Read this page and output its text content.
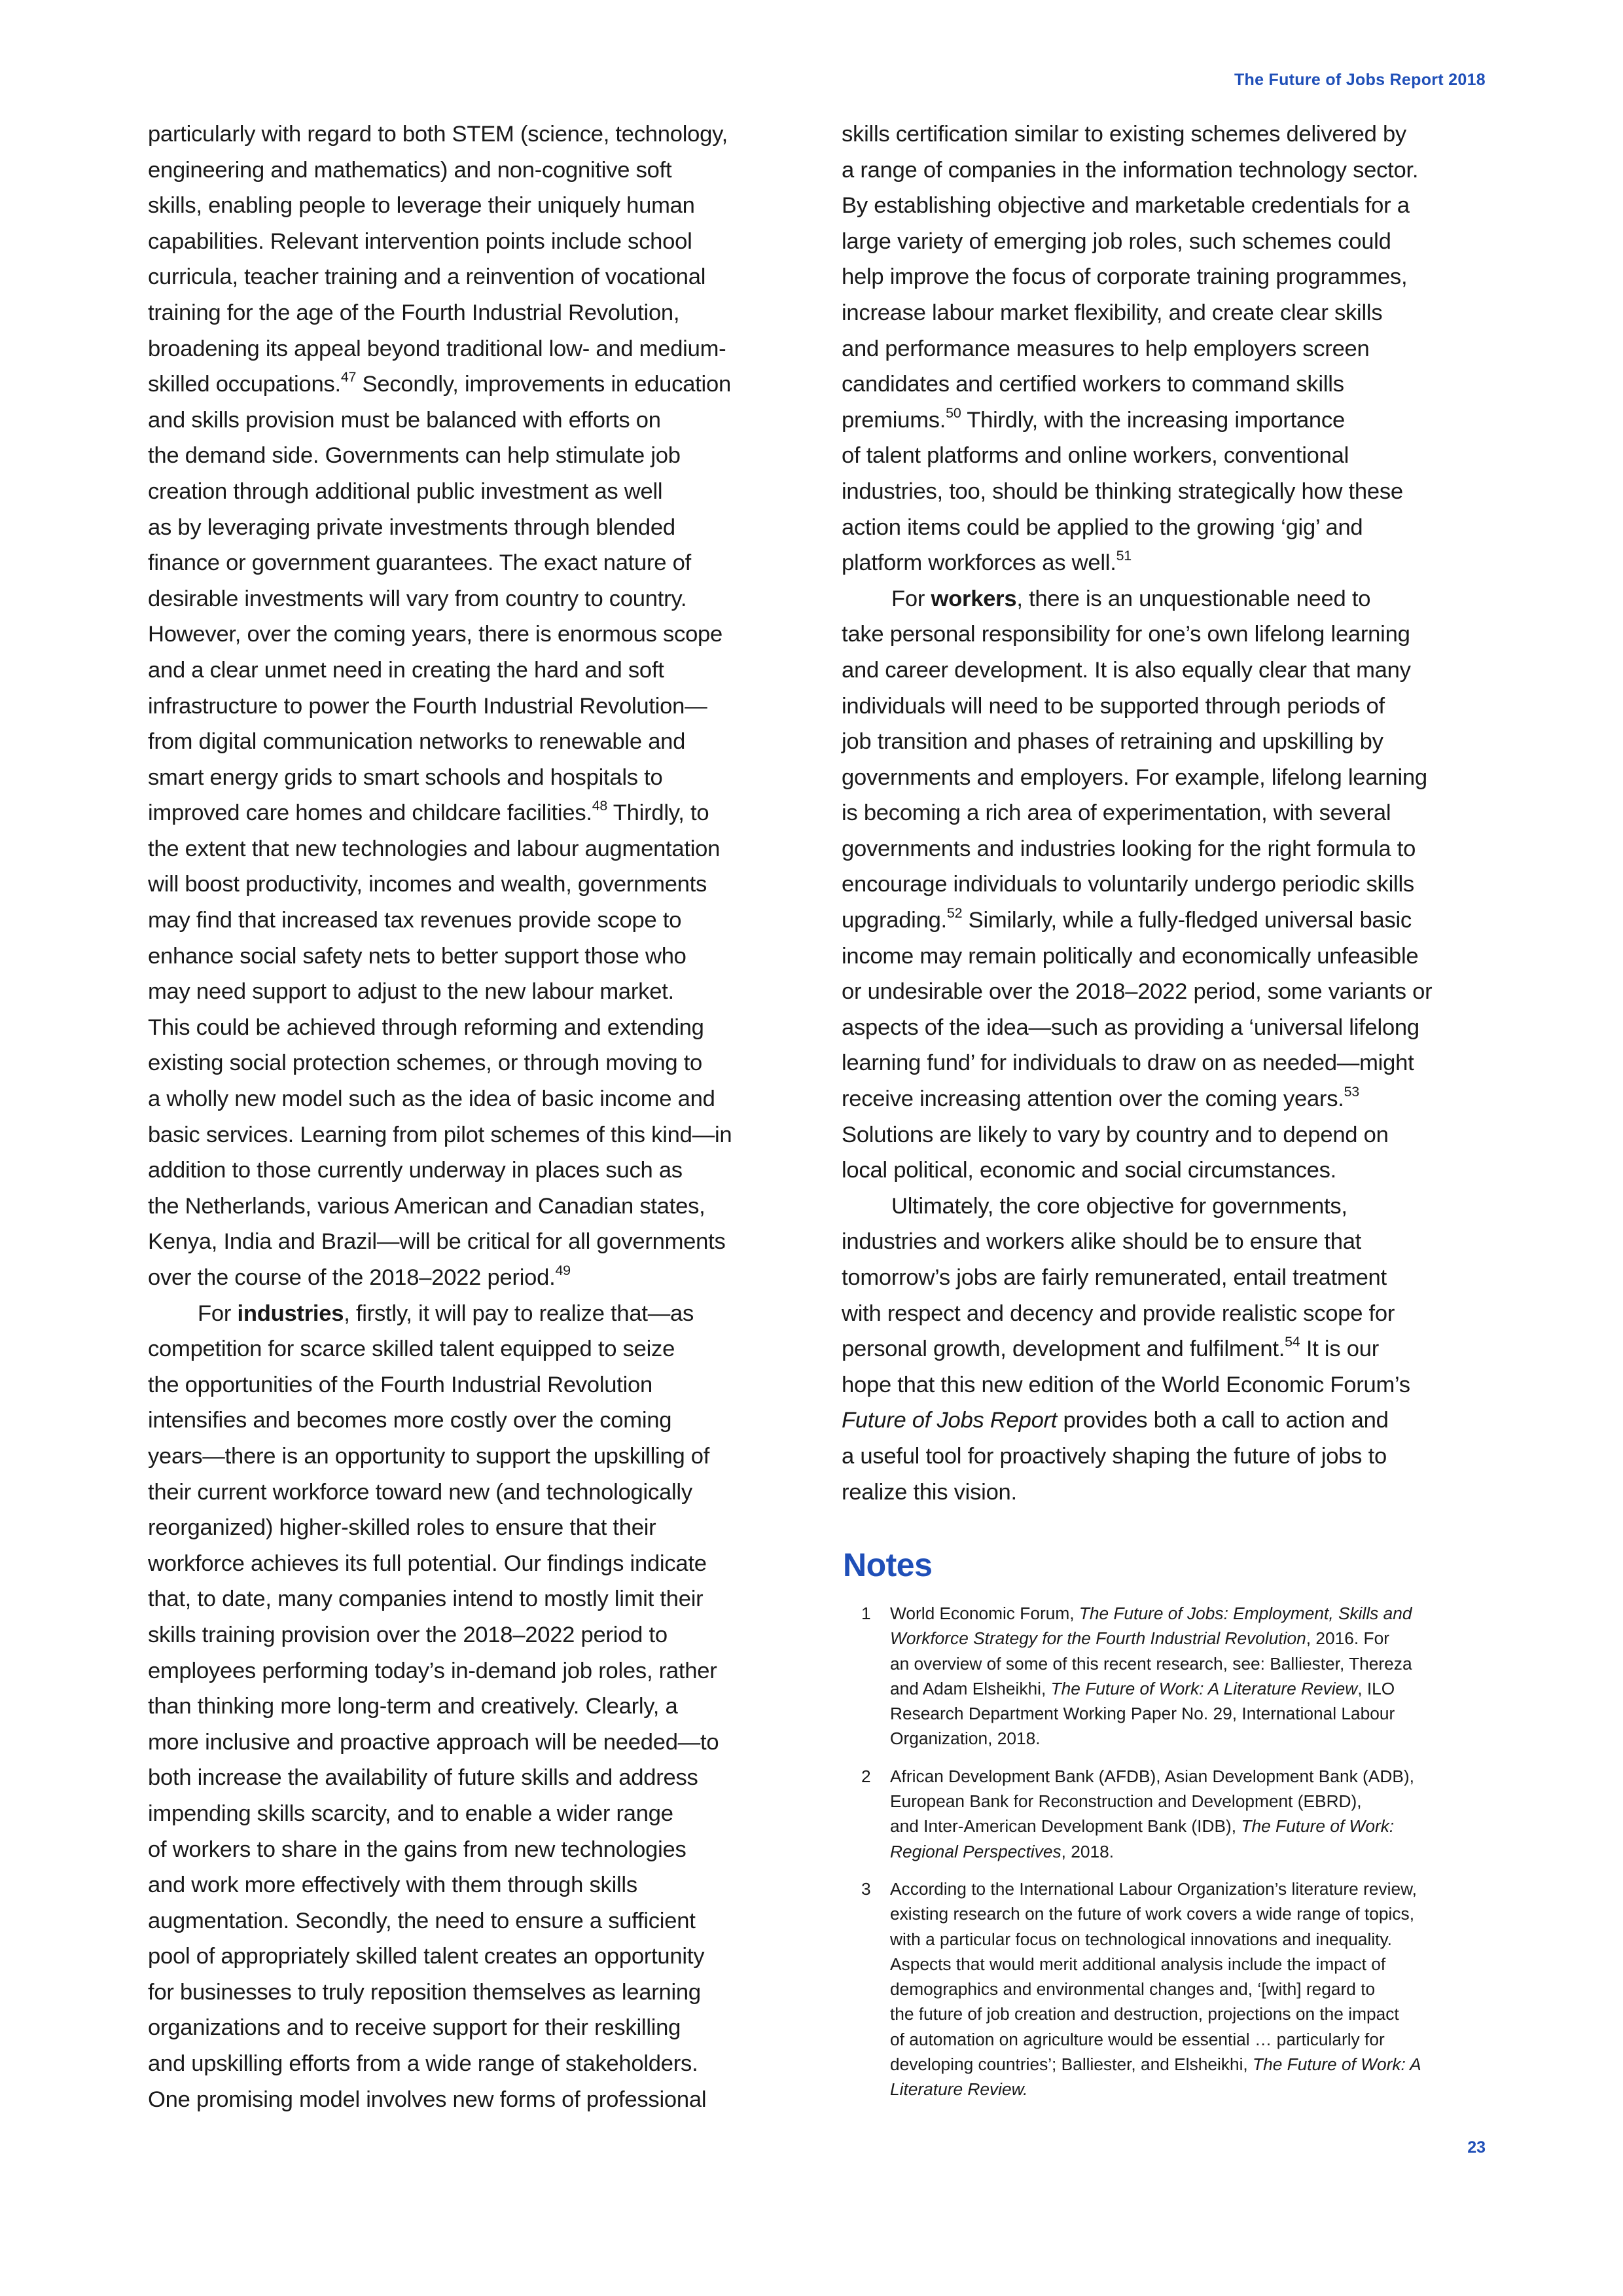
The Future of Jobs Report 2018

particularly with regard to both STEM (science, technology,

engineering and mathematics) and non-cognitive soft

skills, enabling people to leverage their uniquely human

capabilities. Relevant intervention points include school

curricula, teacher training and a reinvention of vocational

training for the age of the Fourth Industrial Revolution,

broadening its appeal beyond traditional low- and medium-

skilled occupations.$^{47}$ Secondly, improvements in education

and skills provision must be balanced with efforts on

the demand side. Governments can help stimulate job

creation through additional public investment as well

as by leveraging private investments through blended

finance or government guarantees. The exact nature of

desirable investments will vary from country to country.

However, over the coming years, there is enormous scope

and a clear unmet need in creating the hard and soft

infrastructure to power the Fourth Industrial Revolution—

from digital communication networks to renewable and

smart energy grids to smart schools and hospitals to

improved care homes and childcare facilities.$^{48}$ Thirdly, to

the extent that new technologies and labour augmentation

will boost productivity, incomes and wealth, governments

may find that increased tax revenues provide scope to

enhance social safety nets to better support those who

may need support to adjust to the new labour market.

This could be achieved through reforming and extending

existing social protection schemes, or through moving to

a wholly new model such as the idea of basic income and

basic services. Learning from pilot schemes of this kind—in

addition to those currently underway in places such as

the Netherlands, various American and Canadian states,

Kenya, India and Brazil—will be critical for all governments

over the course of the 2018–2022 period.$^{49}$

For industries, firstly, it will pay to realize that—as

competition for scarce skilled talent equipped to seize

the opportunities of the Fourth Industrial Revolution

intensifies and becomes more costly over the coming

years—there is an opportunity to support the upskilling of

their current workforce toward new (and technologically

reorganized) higher-skilled roles to ensure that their

workforce achieves its full potential. Our findings indicate

that, to date, many companies intend to mostly limit their

skills training provision over the 2018–2022 period to

employees performing today’s in-demand job roles, rather

than thinking more long-term and creatively. Clearly, a

more inclusive and proactive approach will be needed—to

both increase the availability of future skills and address

impending skills scarcity, and to enable a wider range

of workers to share in the gains from new technologies

and work more effectively with them through skills

augmentation. Secondly, the need to ensure a sufficient

pool of appropriately skilled talent creates an opportunity

for businesses to truly reposition themselves as learning

organizations and to receive support for their reskilling

and upskilling efforts from a wide range of stakeholders.

One promising model involves new forms of professional

skills certification similar to existing schemes delivered by

a range of companies in the information technology sector.

By establishing objective and marketable credentials for a

large variety of emerging job roles, such schemes could

help improve the focus of corporate training programmes,

increase labour market flexibility, and create clear skills

and performance measures to help employers screen

candidates and certified workers to command skills

premiums.$^{50}$ Thirdly, with the increasing importance

of talent platforms and online workers, conventional

industries, too, should be thinking strategically how these

action items could be applied to the growing ‘gig’ and

platform workforces as well.$^{51}$

For workers, there is an unquestionable need to

take personal responsibility for one’s own lifelong learning

and career development. It is also equally clear that many

individuals will need to be supported through periods of

job transition and phases of retraining and upskilling by

governments and employers. For example, lifelong learning

is becoming a rich area of experimentation, with several

governments and industries looking for the right formula to

encourage individuals to voluntarily undergo periodic skills

upgrading.$^{52}$ Similarly, while a fully-fledged universal basic

income may remain politically and economically unfeasible

or undesirable over the 2018–2022 period, some variants or

aspects of the idea—such as providing a ‘universal lifelong

learning fund’ for individuals to draw on as needed—might

receive increasing attention over the coming years.$^{53}$

Solutions are likely to vary by country and to depend on

local political, economic and social circumstances.

Ultimately, the core objective for governments,

industries and workers alike should be to ensure that

tomorrow’s jobs are fairly remunerated, entail treatment

with respect and decency and provide realistic scope for

personal growth, development and fulfilment.$^{54}$ It is our

hope that this new edition of the World Economic Forum’s

Future of Jobs Report provides both a call to action and

a useful tool for proactively shaping the future of jobs to

realize this vision.

Notes
1	World Economic Forum, The Future of Jobs: Employment, Skills and
Workforce Strategy for the Fourth Industrial Revolution, 2016. For
an overview of some of this recent research, see: Balliester, Thereza
and Adam Elsheikhi, The Future of Work: A Literature Review, ILO
Research Department Working Paper No. 29, International Labour
Organization, 2018.
2	African Development Bank (AFDB), Asian Development Bank (ADB),
European Bank for Reconstruction and Development (EBRD),
and Inter-American Development Bank (IDB), The Future of Work:
Regional Perspectives, 2018.
3	According to the International Labour Organization’s literature review,
existing research on the future of work covers a wide range of topics,
with a particular focus on technological innovations and inequality.
Aspects that would merit additional analysis include the impact of
demographics and environmental changes and, ‘[with] regard to
the future of job creation and destruction, projections on the impact
of automation on agriculture would be essential … particularly for
developing countries’; Balliester, and Elsheikhi, The Future of Work: A
Literature Review.
23
